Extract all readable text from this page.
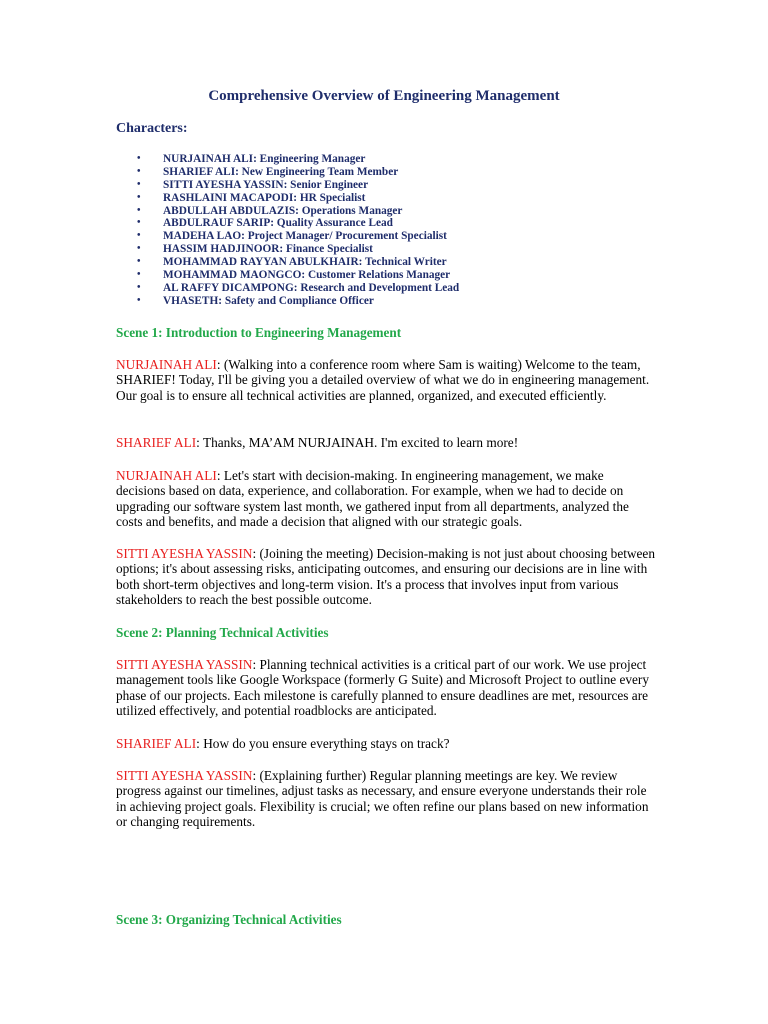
Comprehensive Overview of Engineering Management
Characters:
• NURJAINAH ALI: Engineering Manager
• SHARIEF ALI: New Engineering Team Member
• SITTI AYESHA YASSIN: Senior Engineer
• RASHLAINI MACAPODI: HR Specialist
• ABDULLAH ABDULAZIS: Operations Manager
• ABDULRAUF SARIP: Quality Assurance Lead
• MADEHA LAO: Project Manager/ Procurement Specialist
• HASSIM HADJINOOR: Finance Specialist
• MOHAMMAD RAYYAN ABULKHAIR: Technical Writer
• MOHAMMAD MAONGCO: Customer Relations Manager
• AL RAFFY DICAMPONG: Research and Development Lead
• VHASETH: Safety and Compliance Officer
Scene 1: Introduction to Engineering Management
NURJAINAH ALI: (Walking into a conference room where Sam is waiting) Welcome to the team, SHARIEF! Today, I'll be giving you a detailed overview of what we do in engineering management. Our goal is to ensure all technical activities are planned, organized, and executed efficiently.
SHARIEF ALI: Thanks, MA’AM NURJAINAH. I'm excited to learn more!
NURJAINAH ALI: Let's start with decision-making. In engineering management, we make decisions based on data, experience, and collaboration. For example, when we had to decide on upgrading our software system last month, we gathered input from all departments, analyzed the costs and benefits, and made a decision that aligned with our strategic goals.
SITTI AYESHA YASSIN: (Joining the meeting) Decision-making is not just about choosing between options; it's about assessing risks, anticipating outcomes, and ensuring our decisions are in line with both short-term objectives and long-term vision. It's a process that involves input from various stakeholders to reach the best possible outcome.
Scene 2: Planning Technical Activities
SITTI AYESHA YASSIN: Planning technical activities is a critical part of our work. We use project management tools like Google Workspace (formerly G Suite) and Microsoft Project to outline every phase of our projects. Each milestone is carefully planned to ensure deadlines are met, resources are utilized effectively, and potential roadblocks are anticipated.
SHARIEF ALI: How do you ensure everything stays on track?
SITTI AYESHA YASSIN: (Explaining further) Regular planning meetings are key. We review progress against our timelines, adjust tasks as necessary, and ensure everyone understands their role in achieving project goals. Flexibility is crucial; we often refine our plans based on new information or changing requirements.
Scene 3: Organizing Technical Activities
